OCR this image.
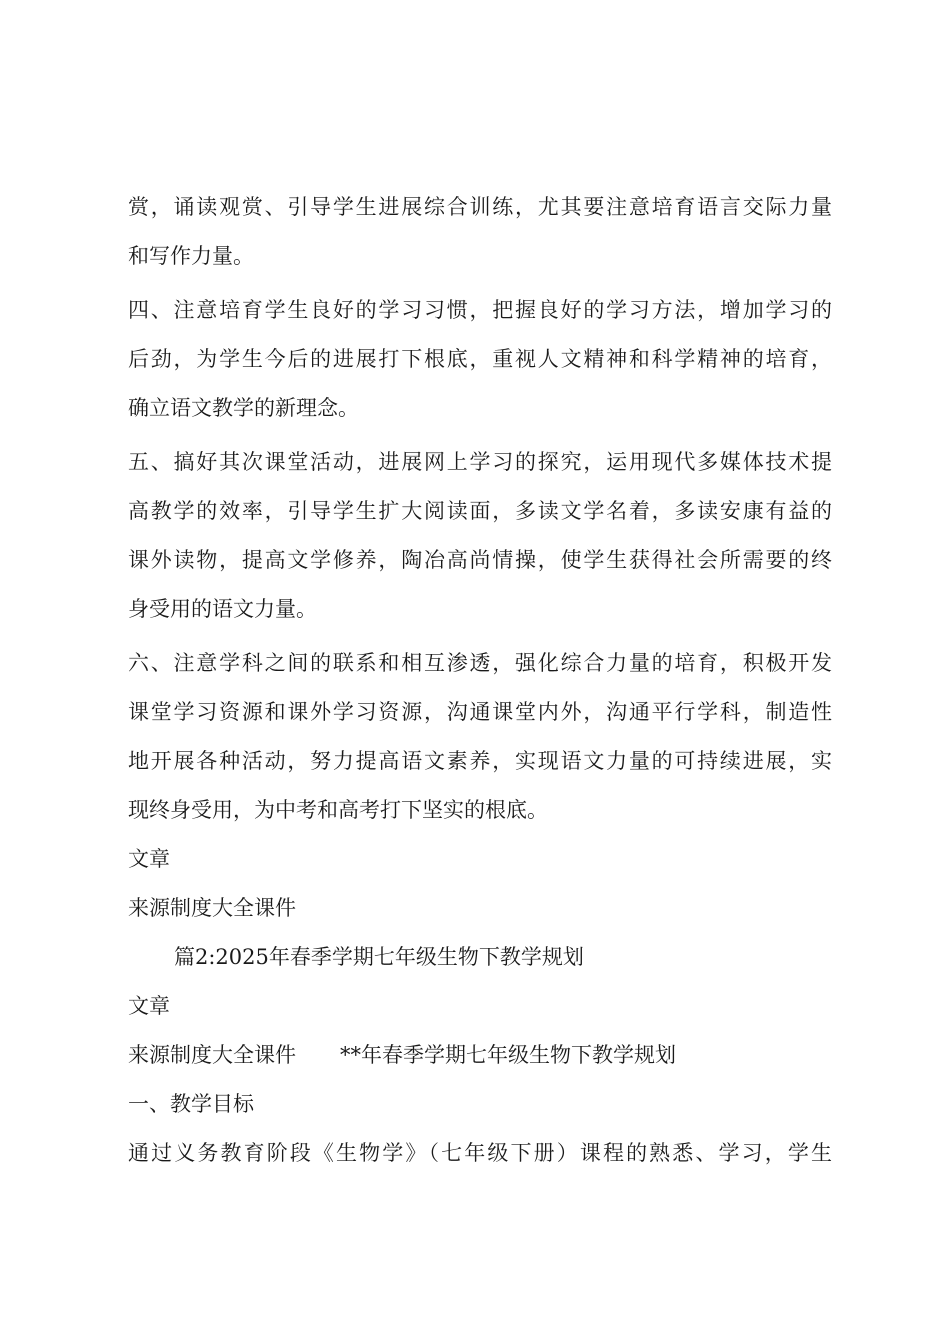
赏，诵读观赏、引导学生进展综合训练，尤其要注意培育语言交际力量
和写作力量。
四、注意培育学生良好的学习习惯，把握良好的学习方法，增加学习的
后劲，为学生今后的进展打下根底，重视人文精神和科学精神的培育，
确立语文教学的新理念。
五、搞好其次课堂活动，进展网上学习的探究，运用现代多媒体技术提
高教学的效率，引导学生扩大阅读面，多读文学名着，多读安康有益的
课外读物，提高文学修养，陶冶高尚情操，使学生获得社会所需要的终
身受用的语文力量。
六、注意学科之间的联系和相互渗透，强化综合力量的培育，积极开发
课堂学习资源和课外学习资源，沟通课堂内外，沟通平行学科，制造性
地开展各种活动，努力提高语文素养，实现语文力量的可持续进展，实
现终身受用，为中考和高考打下坚实的根底。
文章
来源制度大全课件
篇2:2025年春季学期七年级生物下教学规划
文章
来源制度大全课件 **年春季学期七年级生物下教学规划
一、教学目标
通过义务教育阶段《生物学》（七年级下册）课程的熟悉、学习，学生
